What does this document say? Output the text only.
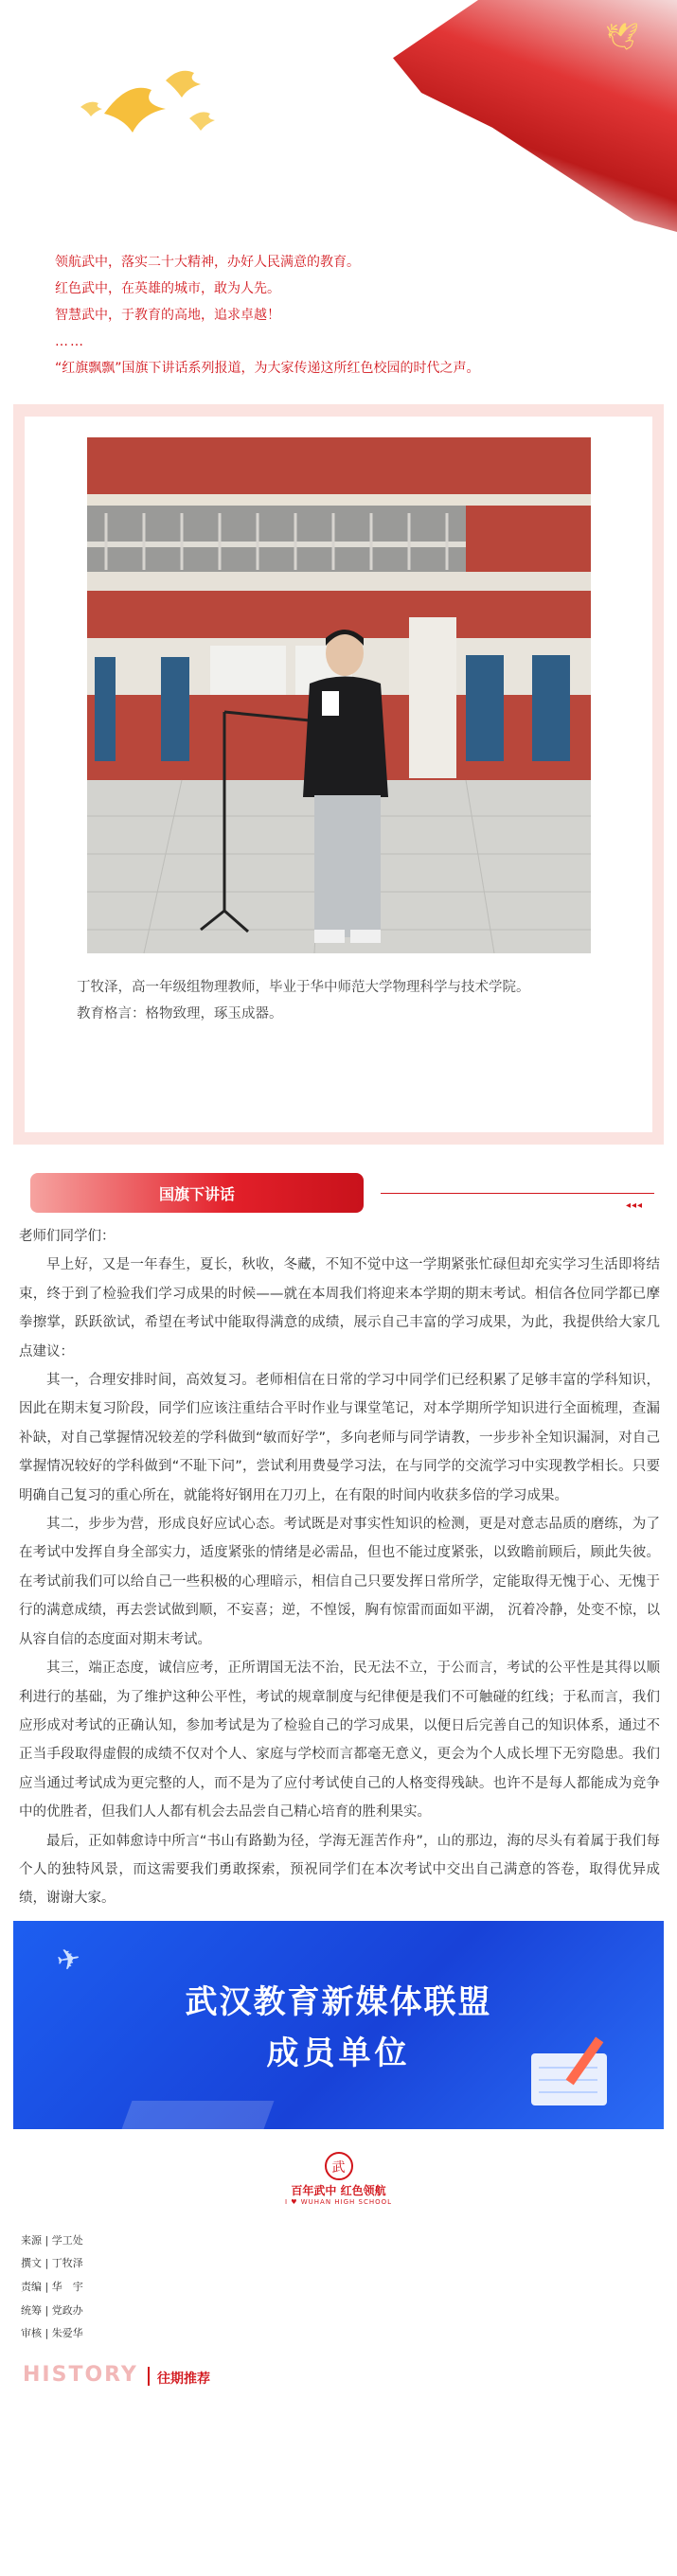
🕊

领航武中，落实二十大精神，办好人民满意的教育。

红色武中，在英雄的城市，敢为人先。

智慧武中，于教育的高地，追求卓越！

……

“红旗飘飘”国旗下讲话系列报道，为大家传递这所红色校园的时代之声。

丁牧泽，高一年级组物理教师，毕业于华中师范大学物理科学与技术学院。

教育格言：格物致理，琢玉成器。

国旗下讲话
◂◂◂

老师们同学们：

早上好，又是一年春生，夏长，秋收，冬藏，不知不觉中这一学期紧张忙碌但却充实学习生活即将结束，终于到了检验我们学习成果的时候——就在本周我们将迎来本学期的期末考试。相信各位同学都已摩拳擦掌，跃跃欲试，希望在考试中能取得满意的成绩，展示自己丰富的学习成果，为此，我提供给大家几点建议：

其一，合理安排时间，高效复习。老师相信在日常的学习中同学们已经积累了足够丰富的学科知识，因此在期末复习阶段，同学们应该注重结合平时作业与课堂笔记，对本学期所学知识进行全面梳理，查漏补缺，对自己掌握情况较差的学科做到“敏而好学”，多向老师与同学请教，一步步补全知识漏洞，对自己掌握情况较好的学科做到“不耻下问”，尝试利用费曼学习法，在与同学的交流学习中实现教学相长。只要明确自己复习的重心所在，就能将好钢用在刀刃上，在有限的时间内收获多倍的学习成果。

其二，步步为营，形成良好应试心态。考试既是对事实性知识的检测，更是对意志品质的磨练，为了在考试中发挥自身全部实力，适度紧张的情绪是必需品，但也不能过度紧张，以致瞻前顾后，顾此失彼。在考试前我们可以给自己一些积极的心理暗示，相信自己只要发挥日常所学，定能取得无愧于心、无愧于行的满意成绩，再去尝试做到顺，不妄喜；逆，不惶馁，胸有惊雷而面如平湖， 沉着冷静，处变不惊，以从容自信的态度面对期末考试。

其三，端正态度，诚信应考，正所谓国无法不治，民无法不立，于公而言，考试的公平性是其得以顺利进行的基础，为了维护这种公平性，考试的规章制度与纪律便是我们不可触碰的红线；于私而言，我们应形成对考试的正确认知，参加考试是为了检验自己的学习成果，以便日后完善自己的知识体系，通过不正当手段取得虚假的成绩不仅对个人、家庭与学校而言都毫无意义，更会为个人成长埋下无穷隐患。我们应当通过考试成为更完整的人，而不是为了应付考试使自己的人格变得残缺。也许不是每人都能成为竞争中的优胜者，但我们人人都有机会去品尝自己精心培育的胜利果实。

最后，正如韩愈诗中所言“书山有路勤为径，学海无涯苦作舟”，山的那边，海的尽头有着属于我们每个人的独特风景，而这需要我们勇敢探索，预祝同学们在本次考试中交出自己满意的答卷，取得优异成绩，谢谢大家。

✈
武汉教育新媒体联盟
成员单位
武
百年武中 红色领航
I ♥ WUHAN HIGH SCHOOL

来源 | 学工处

撰文 | 丁牧泽

责编 | 华　宇

统筹 | 党政办

审核 | 朱爱华

HISTORY 往期推荐
